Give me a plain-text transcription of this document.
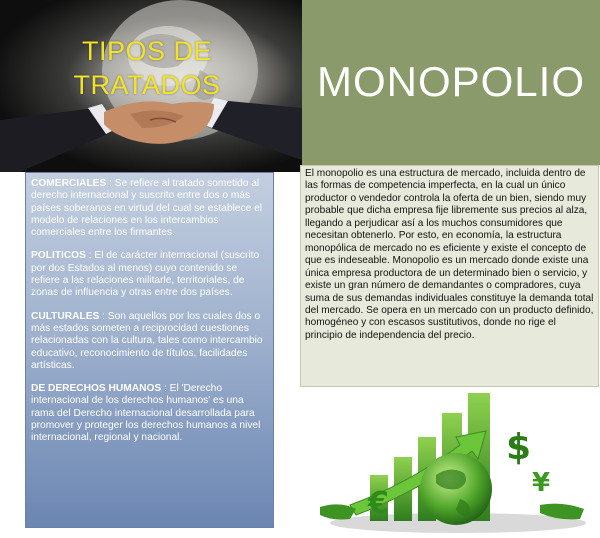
TIPOS DE
TRATADOS	MONOPOLIO

COMERCIALES : Se refiere al tratado sometido al derecho internacional y suscrito entre dos o más países soberanos en virtud del cual se establece el modelo de relaciones en los intercambios comerciales entre los firmantes.

POLITICOS : El de carácter internacional (suscrito por dos Estados al menos) cuyo contenido se refiere a las relaciones militarle, territoriales, de zonas de influencia y otras entre dos países.

CULTURALES : Son aquellos por los cuales dos o más estados someten a reciprocidad cuestiones relacionadas con la cultura, tales como intercambio educativo, reconocimiento de títulos, facilidades artísticas.

DE DERECHOS HUMANOS : El 'Derecho internacional de los derechos humanos' es una rama del Derecho internacional desarrollada para promover y proteger los derechos humanos a nivel internacional, regional y nacional.

El monopolio es una estructura de mercado, incluida dentro de las formas de competencia imperfecta, en la cual un único productor o vendedor controla la oferta de un bien, siendo muy probable que dicha empresa fije libremente sus precios al alza, llegando a perjudicar así a los muchos consumidores que necesitan obtenerlo. Por esto, en economía, la estructura monopólica de mercado no es eficiente y existe el concepto de que es indeseable. Monopolio es un mercado donde existe una única empresa productora de un determinado bien o servicio, y existe un gran número de demandantes o compradores, cuya suma de sus demandas individuales constituye la demanda total del mercado. Se opera en un mercado con un producto definido, homogéneo y con escasos sustitutivos, donde no rige el principio de independencia del precio.

€
$
¥
